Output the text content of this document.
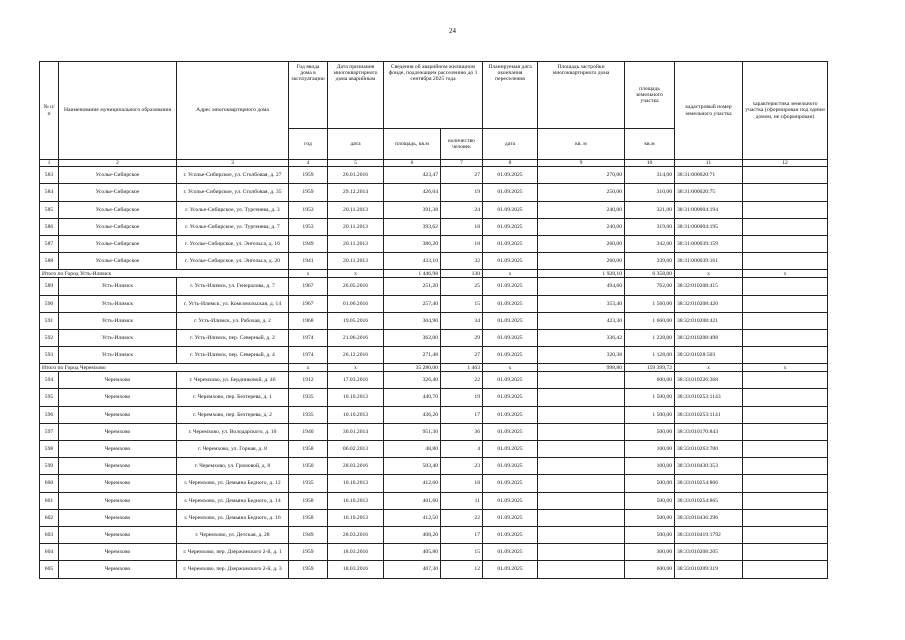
24
№ п/п	Наименование муниципального образования	Адрес многоквартирного дома	Год ввода дома в эксплуатацию	Дата признания многоквартирного дома аварийным	Сведения об аварийном жилищном фонде, подлежащем расселению до 1 сентября 2025 года		Планируемая дата окончания переселения	Площадь застройки многоквартирного дома	площадь земельного участка	кадастровый номер земельного участка	характеристика земельного участка (сформирован под одним домом, не сформирован)
			год	дата	площадь, кв.м	количество человек	дата	кв. м	кв.м		
1	2	3	4	5	6	7	8	9	10	11	12
583	Усолье-Сибирское	г. Усолье-Сибирское, ул. Столбовая, д. 27	1959	26.01.2016	423,47	27	01.09.2025	270,00	314,00	38:31:000020:71	
584	Усолье-Сибирское	г. Усолье-Сибирское, ул. Столбовая, д. 35	1959	29.12.2014	426,04	19	01.09.2025	250,00	310,00	38:31:000020:75	
585	Усолье-Сибирское	г. Усолье-Сибирское, ул. Тургенева, д. 3	1953	20.11.2013	391,38	24	01.09.2025	240,00	321,00	38:31:000004:194	
586	Усолье-Сибирское	г. Усолье-Сибирское, ул. Тургенева, д. 7	1953	20.11.2013	393,62	18	01.09.2025	240,00	319,00	38:31:000004:195	
587	Усолье-Сибирское	г. Усолье-Сибирское, ул. Энгельса, д. 16	1949	20.11.2013	386,20	18	01.09.2025	260,00	342,00	38:31:000039:159	
588	Усолье-Сибирское	г. Усолье-Сибирское, ул. Энгельса, д. 20	1941	20.11.2013	433,10	32	01.09.2025	260,00	339,00	38:31:000039:161	
Итого по Город Усть-Илимск			x	x	1 446,98	130	x	1 928,10	6 358,00	x	x
589	Усть-Илимск	г. Усть-Илимск, ул. Генералова, д. 7	1967	26.05.2016	251,20	25	01.09.2025	494,60	762,00	38:32:010208:415	
590	Усть-Илимск	г. Усть-Илимск, ул. Комсомольская, д. 14	1967	01.06.2016	257,40	15	01.09.2025	353,40	1 560,00	38:32:010208:420	
591	Усть-Илимск	г. Усть-Илимск, ул. Рабочая, д. 2	1968	19.05.2016	304,90	34	01.09.2025	423,30	1 660,00	38:32:010208:421	
592	Усть-Илимск	г. Усть-Илимск, пер. Северный, д. 2	1974	21.06.2016	362,00	29	01.09.2025	336,42	1 228,00	38:32:010208:498	
593	Усть-Илимск	г. Усть-Илимск, пер. Северный, д. 4	1974	26.12.2016	271,48	27	01.09.2025	320,38	1 128,00	38:32:01028:503	
Итого по Город Черемхово			x	x	35 280,00	1 463	x	998,80	159 399,72	x	x
594	Черемхово	г. Черемхово, ул. Бердниковой, д. 46	1912	17.03.2016	326,40	22	01.09.2025		600,00	38:33:010226:368	
595	Черемхово	г. Черемхово, пер. Бехтерева, д. 1	1935	10.10.2013	440,70	19	01.09.2025		1 500,00	38:33:010253:1143	
596	Черемхово	г. Черемхово, пер. Бехтерева, д. 2	1935	10.10.2013	436,20	17	01.09.2025		1 500,00	38:33:010253:1141	
597	Черемхово	г. Черемхово, ул. Володарского, д. 10	1940	30.01.2014	951,30	36	01.09.2025		500,00	38:33:010170:843	
598	Черемхово	г. Черемхово, ул. Горная, д. 8	1958	06.02.2013	48,80	4	01.09.2025		100,00	38:33:010263:700	
599	Черемхово	г. Черемхово, ул. Громовой, д. 8	1950	28.03.2016	503,40	23	01.09.2025		100,00	38:33:010430:353	
600	Черемхово	г. Черемхово, ул. Демьяна Бедного, д. 12	1935	10.10.2013	412,60	18	01.09.2025		500,00	38:33:010254:866	
601	Черемхово	г. Черемхово, ул. Демьяна Бедного, д. 14	1958	16.10.2013	401,60	11	01.09.2025		500,00	38:33:010254:865	
602	Черемхово	г. Черемхово, ул. Демьяна Бедного, д. 16	1958	16.10.2013	412,50	22	01.09.2025		500,00	38:33:010436:296	
603	Черемхово	г. Черемхово, ул. Детская, д. 28	1949	28.03.2016	408,20	17	01.09.2025		500,00	38:33:010419:1792	
604	Черемхово	г. Черемхово, пер. Дзержинского 2-й, д. 1	1959	18.03.2016	405,80	15	01.09.2025		300,00	38:33:010208:205	
605	Черемхово	г. Черемхово, пер. Дзержинского 2-й, д. 3	1959	18.03.2016	407,30	12	01.09.2025		600,00	38:33:010209:319	
